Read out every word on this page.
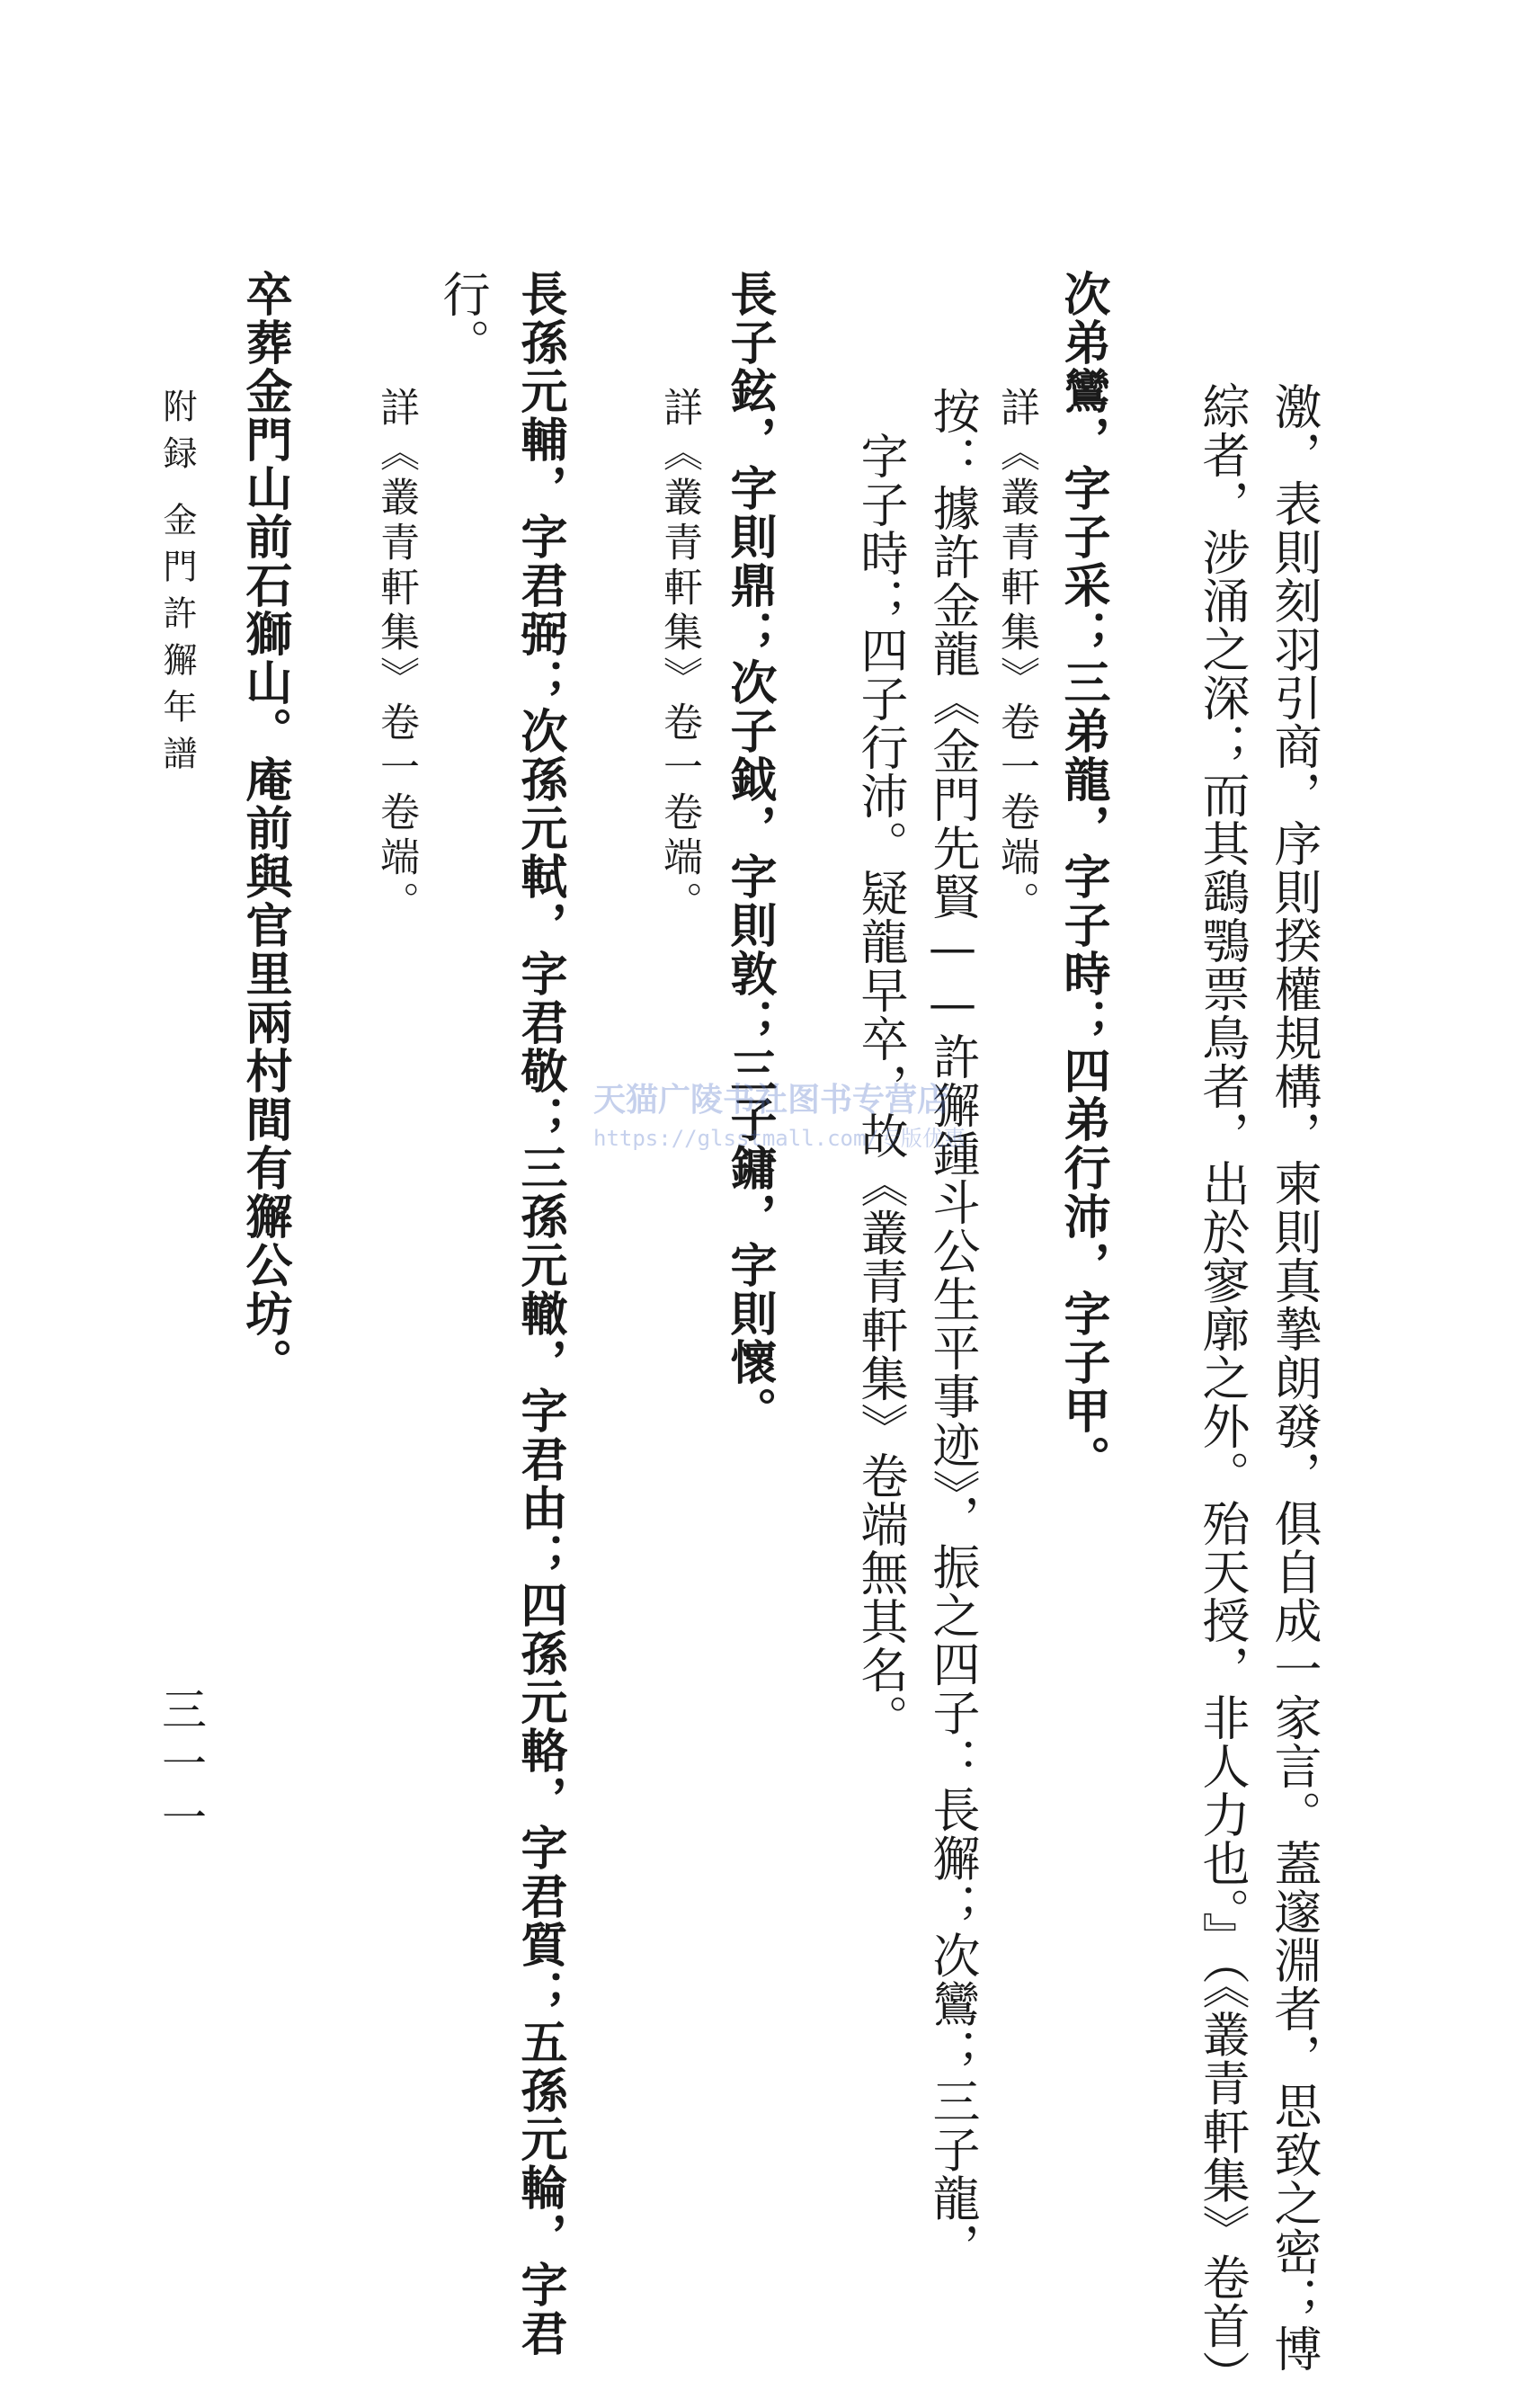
激，表則刻羽引商，序則揆權規構，柬則真摯朗發，俱自成一家言。蓋邃淵者，思致之密；博

綜者，涉涌之深；而其鷂鶚票鳥者，出於寥廓之外。殆天授，非人力也。』（《叢青軒集》卷首）

次弟鸞，字子采；三弟龍，字子時；四弟行沛，字子甲。

詳《叢青軒集》卷一卷端。

按：據許金龍《金門先賢——許獬鍾斗公生平事迹》，振之四子：長獬；次鸞；三子龍，

字子時；四子行沛。疑龍早卒，故《叢青軒集》卷端無其名。

長子鉉，字則鼎；次子鉞，字則敦；三子鏞，字則懷。

詳《叢青軒集》卷一卷端。

行。 長孫元輔，字君弼；次孫元軾，字君敬；三孫元轍，字君由；四孫元輅，字君質；五孫元輪，字君

詳《叢青軒集》卷一卷端。

卒葬金門山前石獅山。庵前與官里兩村間有獬公坊。

附録

金門許獬年譜

三一一

天猫广陵书社图书专营店
https://glsstmall.com/专版优惠
